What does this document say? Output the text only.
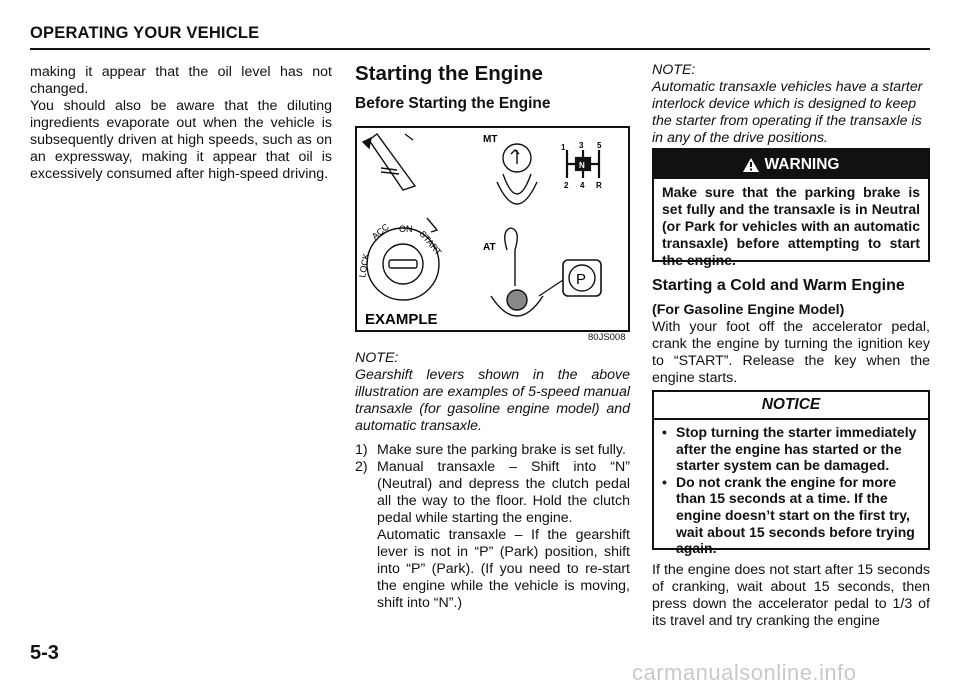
OPERATING YOUR VEHICLE

making it appear that the oil level has not changed.

You should also be aware that the diluting ingredients evaporate out when the vehicle is subsequently driven at high speeds, such as on an expressway, making it appear that oil is excessively consumed after high-speed driving.

Starting the Engine
Before Starting the Engine
1 3 5
N
2 4 R
MT
LOCK
ACC ON START	AT
P
EXAMPLE
80JS008
NOTE:
Gearshift levers shown in the above illustration are examples of 5-speed manual transaxle (for gasoline engine model) and automatic transaxle.
1) Make sure the parking brake is set fully.

2) Manual transaxle – Shift into “N” (Neutral) and depress the clutch pedal all the way to the floor. Hold the clutch pedal while starting the engine.

Automatic transaxle – If the gearshift lever is not in “P” (Park) position, shift into “P” (Park). (If you need to re-start the engine while the vehicle is moving, shift into “N”.)

NOTE:
Automatic transaxle vehicles have a starter interlock device which is designed to keep the starter from operating if the transaxle is in any of the drive positions.
WARNING
Make sure that the parking brake is set fully and the transaxle is in Neutral (or Park for vehicles with an automatic transaxle) before attempting to start the engine.
Starting a Cold and Warm Engine

(For Gasoline Engine Model)

With your foot off the accelerator pedal, crank the engine by turning the ignition key to “START”. Release the key when the engine starts.

NOTICE
• Stop turning the starter immediately after the engine has started or the starter system can be damaged.
• Do not crank the engine for more than 15 seconds at a time. If the engine doesn’t start on the first try, wait about 15 seconds before trying again.
If the engine does not start after 15 seconds of cranking, wait about 15 seconds, then press down the accelerator pedal to 1/3 of its travel and try cranking the engine
5-3
carmanualsonline.info
